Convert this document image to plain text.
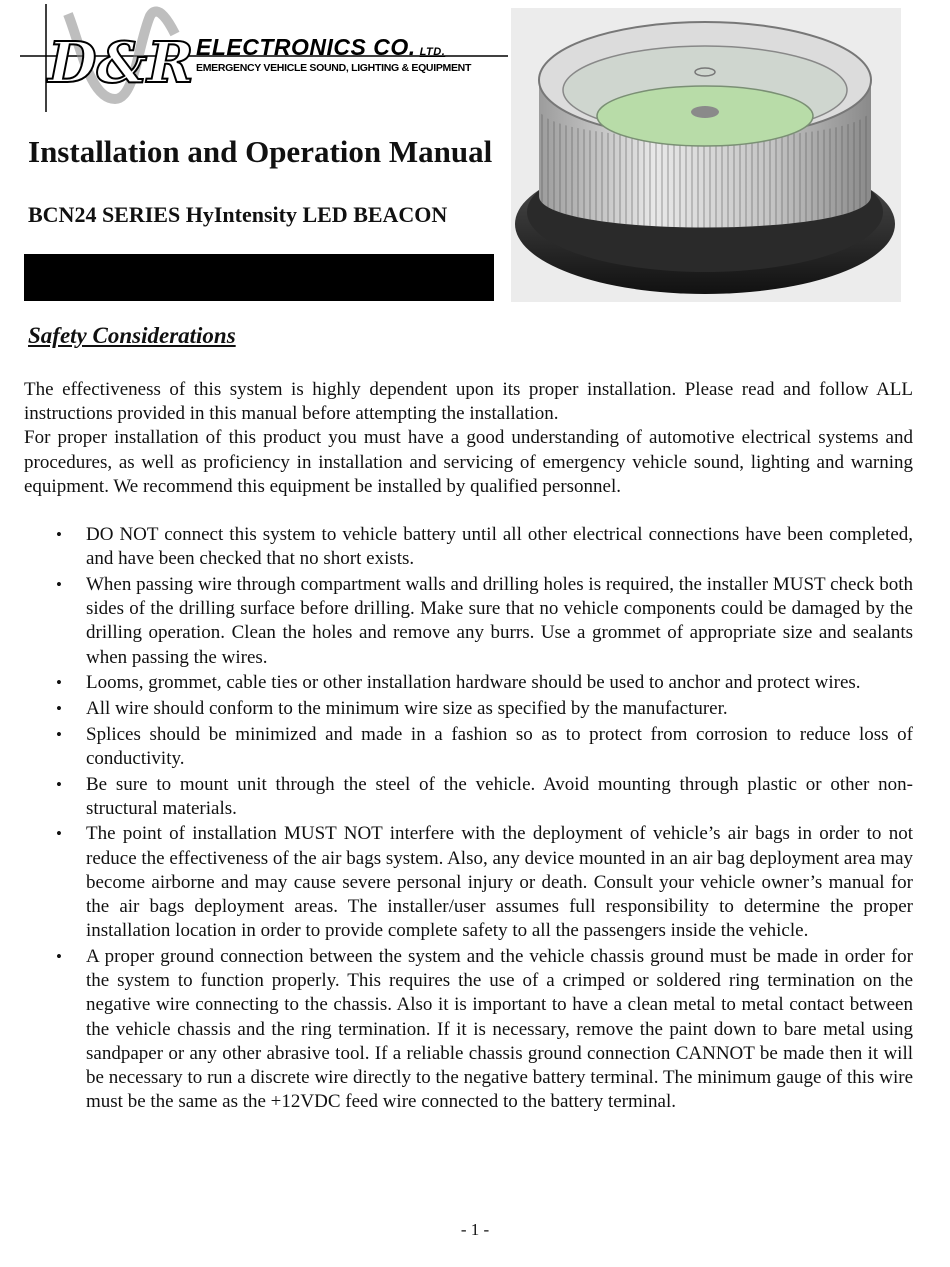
D&R ELECTRONICS CO. LTD.
EMERGENCY VEHICLE SOUND, LIGHTING & EQUIPMENT
Installation and Operation Manual
BCN24 SERIES HyIntensity LED BEACON
Safety Considerations

The effectiveness of this system is highly dependent upon its proper installation. Please read and follow ALL instructions provided in this manual before attempting the installation.

For proper installation of this product you must have a good understanding of automotive electrical systems and procedures, as well as proficiency in installation and servicing of emergency vehicle sound, lighting and warning equipment. We recommend this equipment be installed by qualified personnel.

• DO NOT connect this system to vehicle battery until all other electrical connections have been completed, and have been checked that no short exists.
• When passing wire through compartment walls and drilling holes is required, the installer MUST check both sides of the drilling surface before drilling. Make sure that no vehicle components could be damaged by the drilling operation. Clean the holes and remove any burrs. Use a grommet of appropriate size and sealants when passing the wires.
• Looms, grommet, cable ties or other installation hardware should be used to anchor and protect wires.
• All wire should conform to the minimum wire size as specified by the manufacturer.
• Splices should be minimized and made in a fashion so as to protect from corrosion to reduce loss of conductivity.
• Be sure to mount unit through the steel of the vehicle. Avoid mounting through plastic or other non-structural materials.
• The point of installation MUST NOT interfere with the deployment of vehicle’s air bags in order to not reduce the effectiveness of the air bags system. Also, any device mounted in an air bag deployment area may become airborne and may cause severe personal injury or death. Consult your vehicle owner’s manual for the air bags deployment areas. The installer/user assumes full responsibility to determine the proper installation location in order to provide complete safety to all the passengers inside the vehicle.
• A proper ground connection between the system and the vehicle chassis ground must be made in order for the system to function properly. This requires the use of a crimped or soldered ring termination on the negative wire connecting to the chassis. Also it is important to have a clean metal to metal contact between the vehicle chassis and the ring termination. If it is necessary, remove the paint down to bare metal using sandpaper or any other abrasive tool. If a reliable chassis ground connection CANNOT be made then it will be necessary to run a discrete wire directly to the negative battery terminal. The minimum gauge of this wire must be the same as the +12VDC feed wire connected to the battery terminal.
- 1 -
